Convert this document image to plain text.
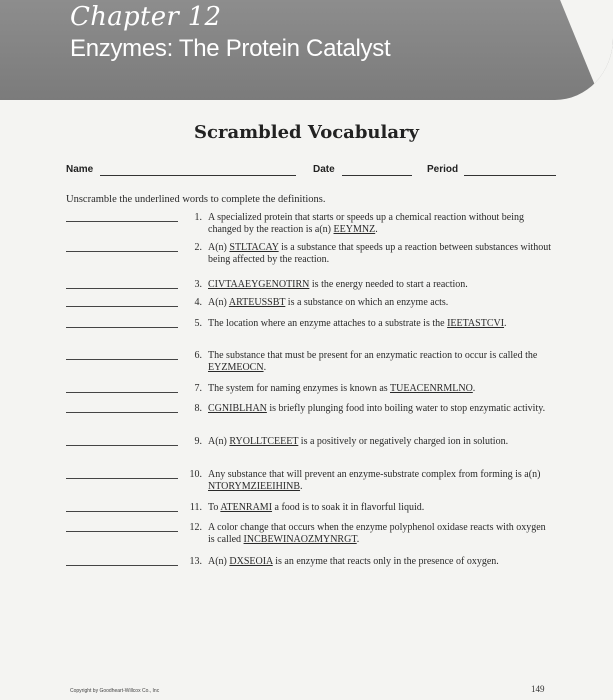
Chapter 12
Enzymes: The Protein Catalyst
Scrambled Vocabulary
Name	Date	Period
Unscramble the underlined words to complete the definitions.
1. A specialized protein that starts or speeds up a chemical reaction without being changed by the reaction is a(n) EEYMNZ.
2. A(n) STLTACAY is a substance that speeds up a reaction between substances without being affected by the reaction.
3. CIVTAAEYGENOTIRN is the energy needed to start a reaction.
4. A(n) ARTEUSSBT is a substance on which an enzyme acts.
5. The location where an enzyme attaches to a substrate is the IEETASTCVI.
6. The substance that must be present for an enzymatic reaction to occur is called the EYZMEOCN.
7. The system for naming enzymes is known as TUEACENRMLNO.
8. CGNIBLHAN is briefly plunging food into boiling water to stop enzymatic activity.
9. A(n) RYOLLTCEEET is a positively or negatively charged ion in solution.
10. Any substance that will prevent an enzyme-substrate complex from forming is a(n) NTORYMZIEEIHINB.
11. To ATENRAMI a food is to soak it in flavorful liquid.
12. A color change that occurs when the enzyme polyphenol oxidase reacts with oxygen is called INCBEWINAOZMYNRGT.
13. A(n) DXSEOIA is an enzyme that reacts only in the presence of oxygen.
Copyright by Goodheart-Willcox Co., Inc	149
